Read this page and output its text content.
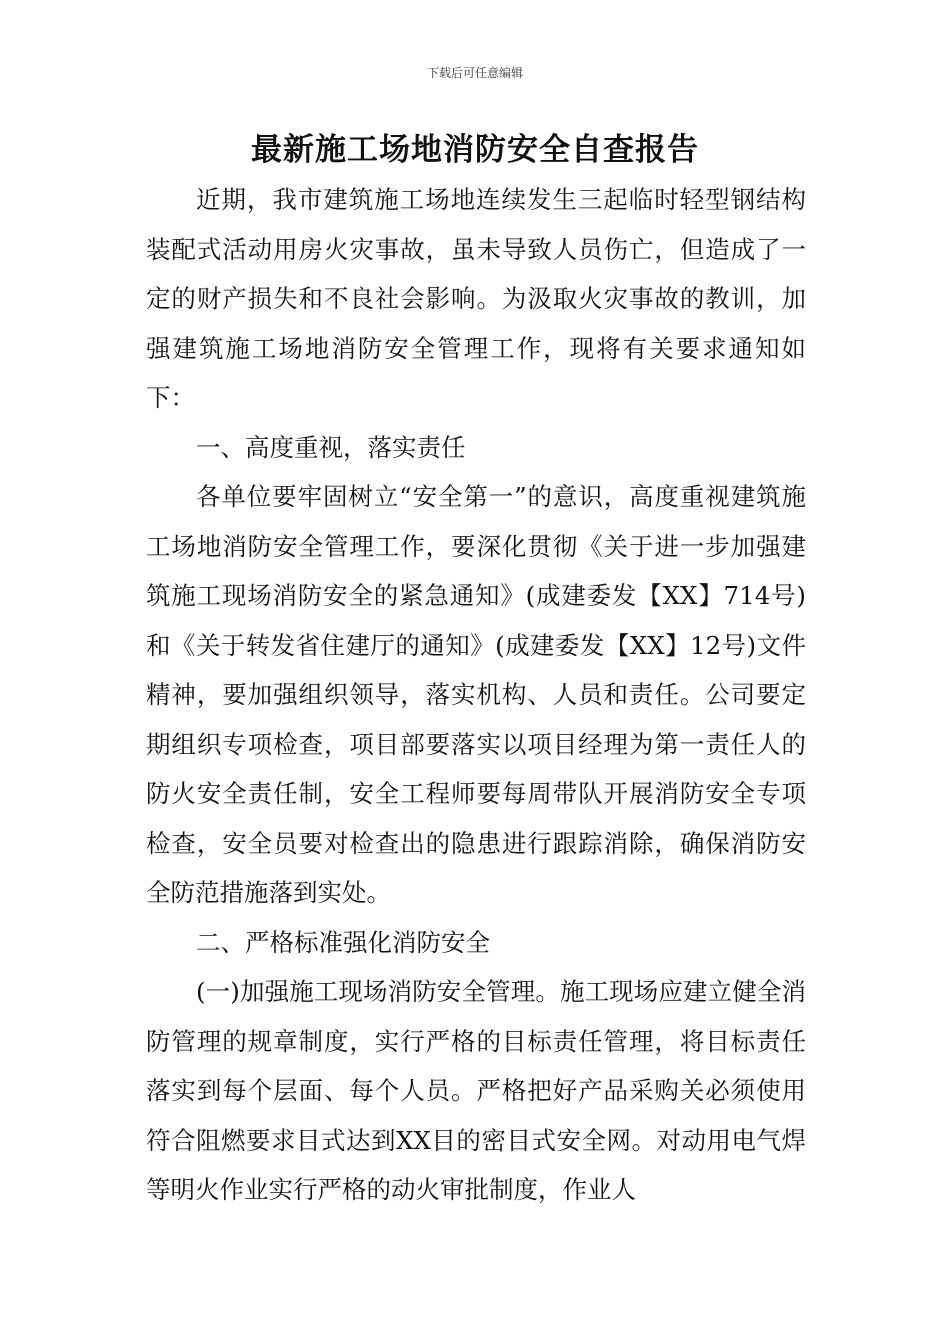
下载后可任意编辑
最新施工场地消防安全自查报告

近期，我市建筑施工场地连续发生三起临时轻型钢结构装配式活动用房火灾事故，虽未导致人员伤亡，但造成了一定的财产损失和不良社会影响。为汲取火灾事故的教训，加强建筑施工场地消防安全管理工作，现将有关要求通知如下：

一、高度重视，落实责任

各单位要牢固树立“安全第一”的意识，高度重视建筑施工场地消防安全管理工作，要深化贯彻《关于进一步加强建筑施工现场消防安全的紧急通知》(成建委发【XX】714号)和《关于转发省住建厅的通知》(成建委发【XX】12号)文件精神，要加强组织领导，落实机构、人员和责任。公司要定期组织专项检查，项目部要落实以项目经理为第一责任人的防火安全责任制，安全工程师要每周带队开展消防安全专项检查，安全员要对检查出的隐患进行跟踪消除，确保消防安全防范措施落到实处。

二、严格标准强化消防安全

(一)加强施工现场消防安全管理。施工现场应建立健全消防管理的规章制度，实行严格的目标责任管理，将目标责任落实到每个层面、每个人员。严格把好产品采购关必须使用符合阻燃要求目式达到XX目的密目式安全网。对动用电气焊等明火作业实行严格的动火审批制度，作业人
